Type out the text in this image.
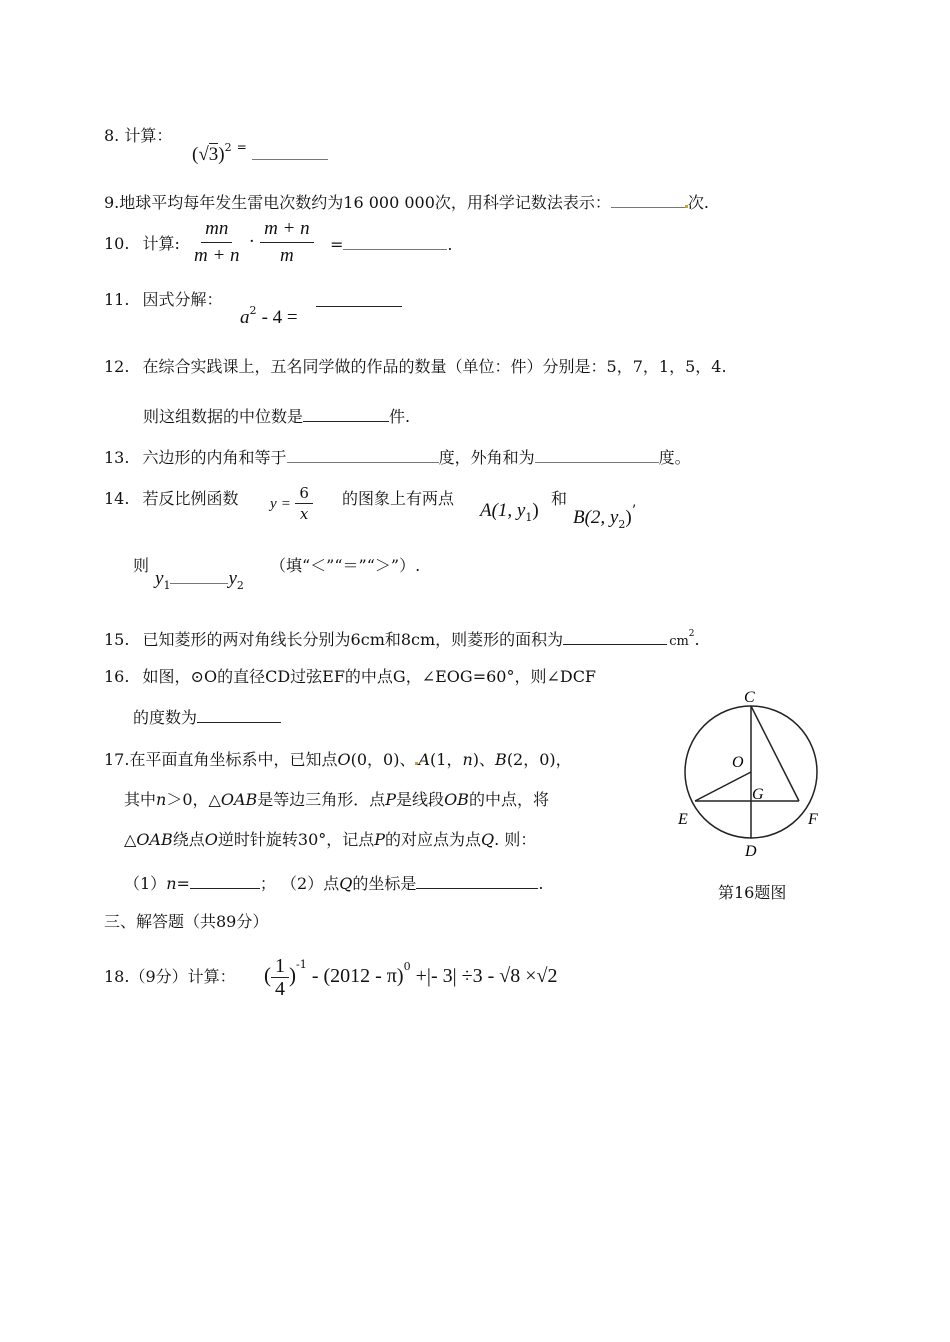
8. 计算：
$(√3)^2$ =
9.地球平均每年发生雷电次数约为16 000 000次，用科学记数法表示：	次.
10. 计算: $\frac{mn}{m + n} \cdot \frac{m + n}{m}$ =	.
11. 因式分解：
$a^2 - 4$ =
12. 在综合实践课上，五名同学做的作品的数量（单位：件）分别是：5，7，1，5，4.
则这组数据的中位数是	件.
13. 六边形的内角和等于	度，外角和为	度。
14. 若反比例函数 $y = \frac{6}{x}$ 的图象上有两点
A(1, $y_1$)
和
B(2, $y_2$)’
则
$y_1$	$y_2$
（填“＜”“＝”“＞”）.
15. 已知菱形的两对角线长分别为6cm和8cm，则菱形的面积为	$cm^2$.
16. 如图，⊙O的直径CD过弦EF的中点G，∠EOG=60°，则∠DCF
的度数为
C
O
G
E	F
D
第16题图
17.在平面直角坐标系中，已知点O(0，0)、 A(1，n)、B(2，0)，
其中n＞0，△OAB是等边三角形．点P是线段OB的中点，将
△OAB绕点O逆时针旋转30°，记点P的对应点为点Q. 则：
（1）n=	； （2）点Q的坐标是	.
三、解答题（共89分）
18.（9分）计算： ( $\frac{1}{4} )^{-1} - (2012 - \pi)^0$ +|- 3| ÷3 - √8 ×√2
